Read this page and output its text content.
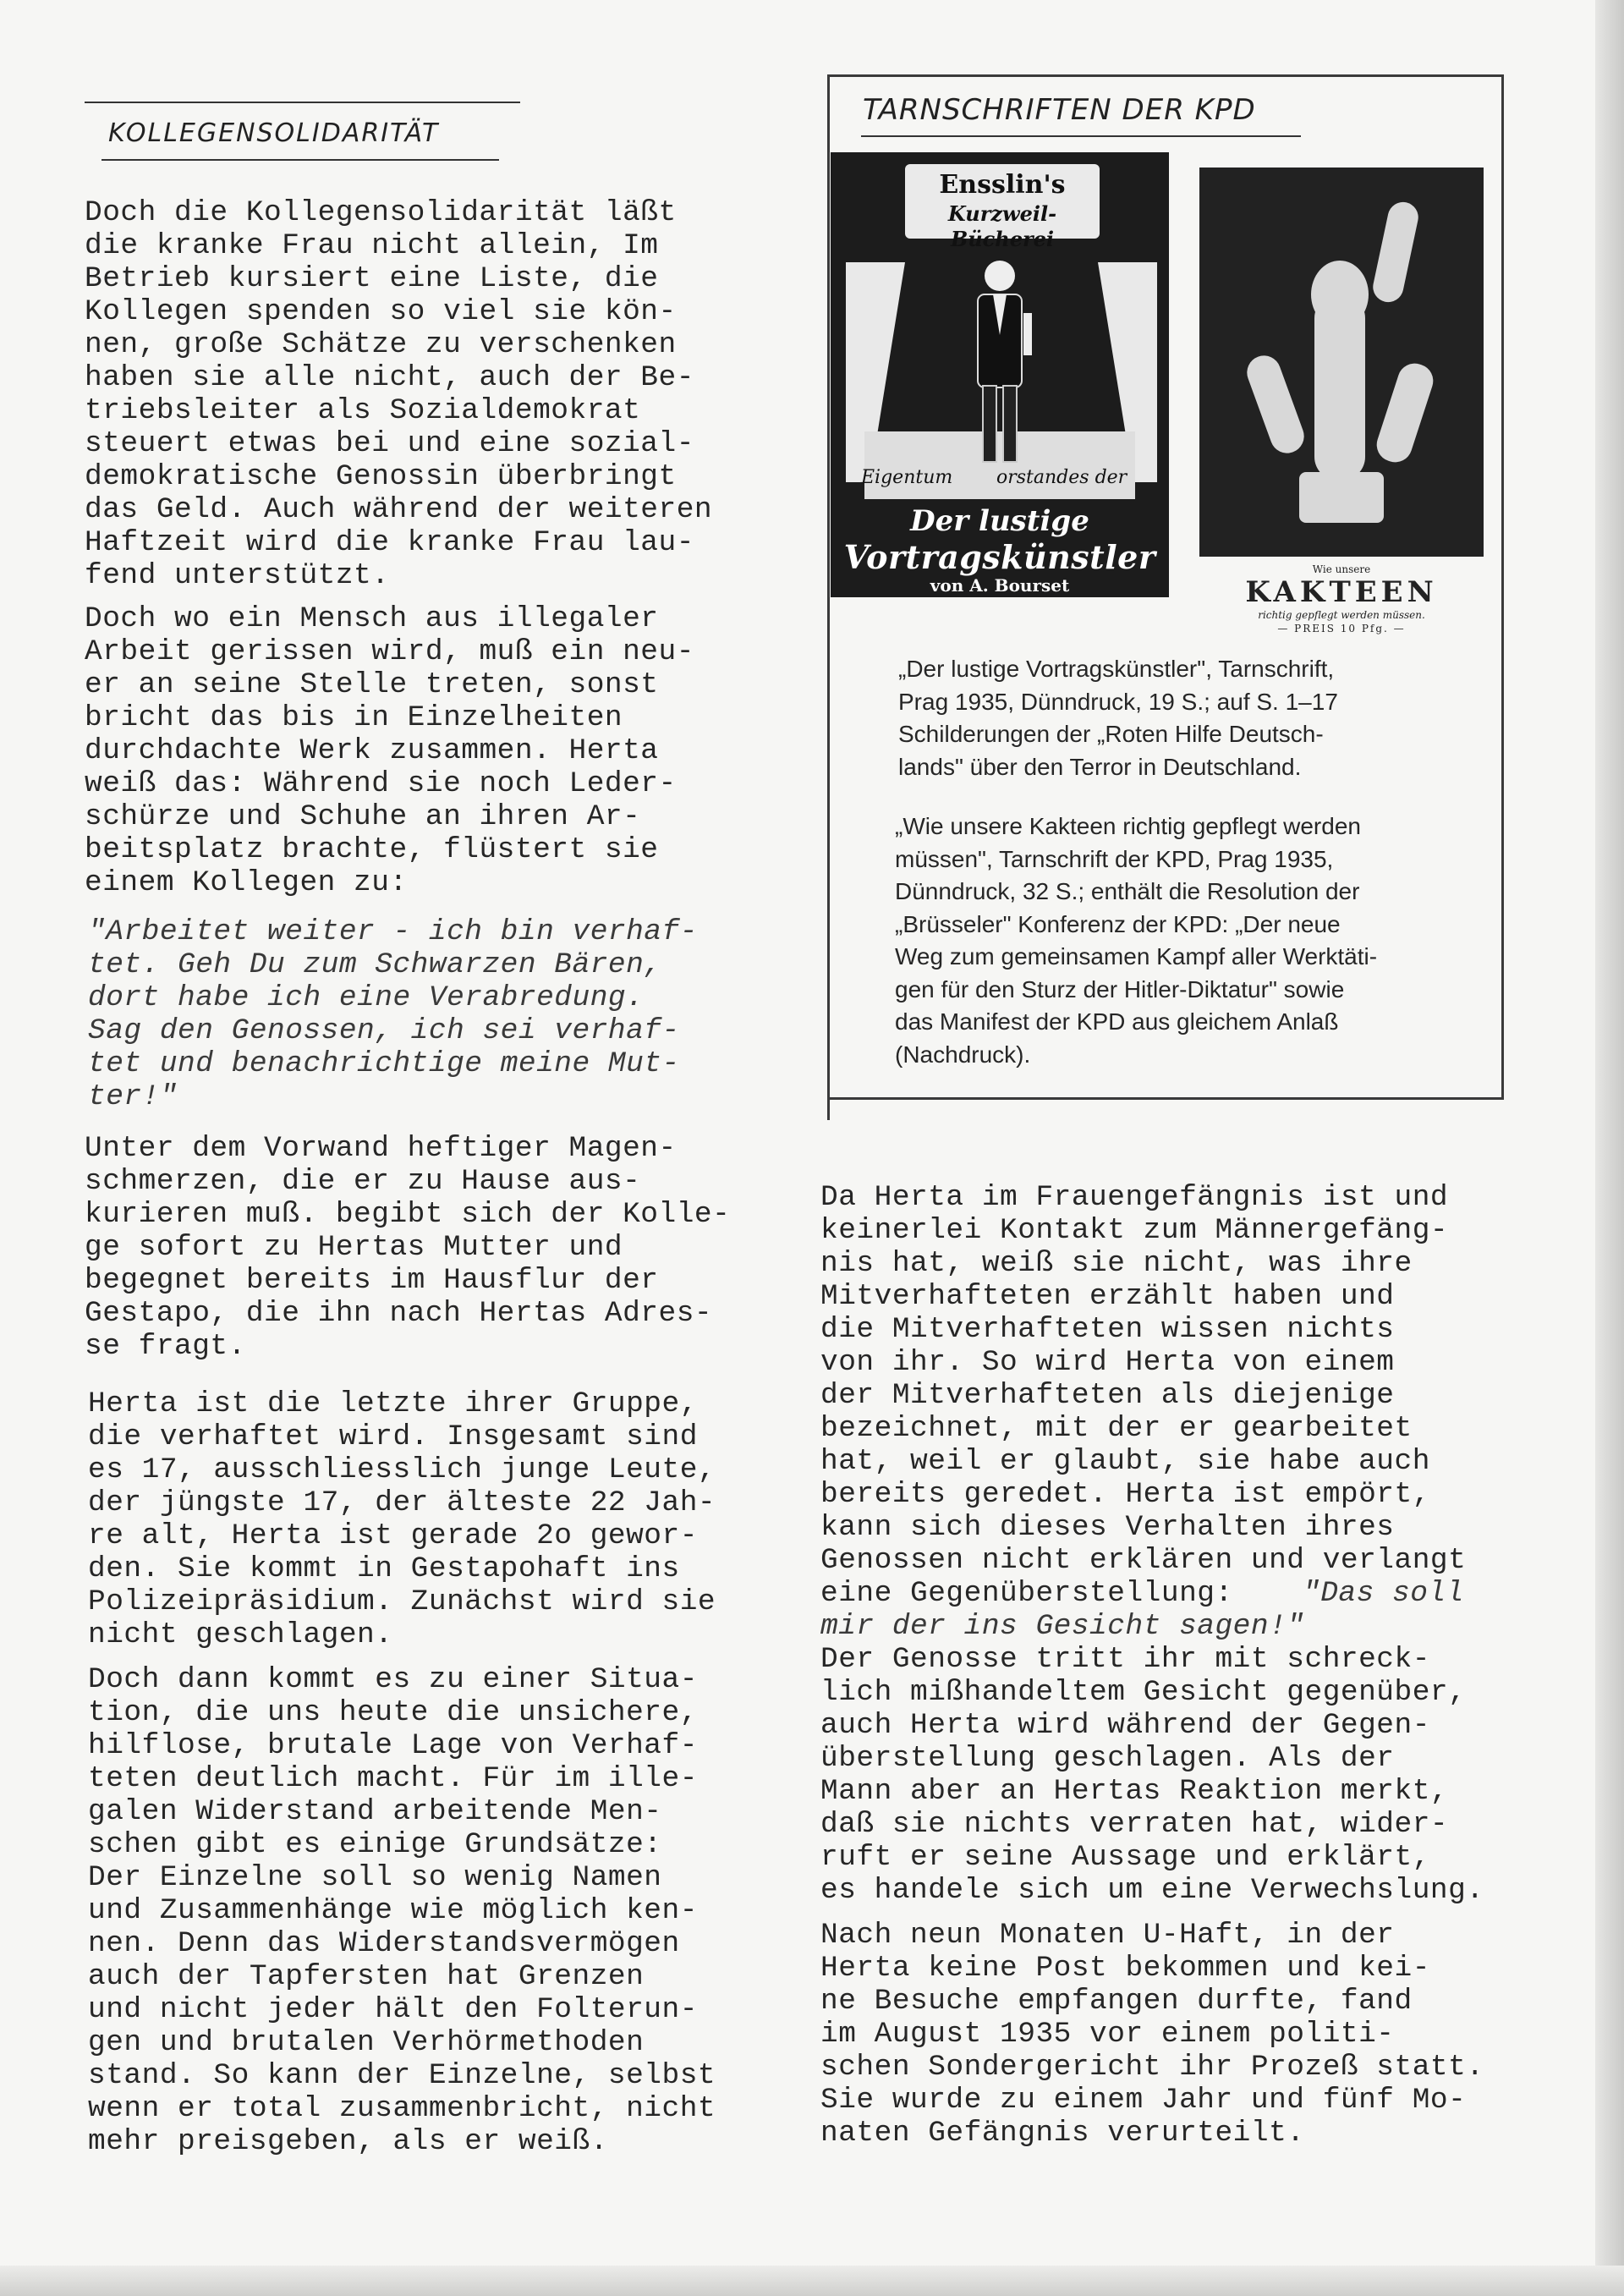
KOLLEGENSOLIDARITÄT

Doch die Kollegensolidarität läßt

die kranke Frau nicht allein, Im

Betrieb kursiert eine Liste, die

Kollegen spenden so viel sie kön-

nen, große Schätze zu verschenken

haben sie alle nicht, auch der Be-

triebsleiter als Sozialdemokrat

steuert etwas bei und eine sozial-

demokratische Genossin überbringt

das Geld. Auch während der weiteren

Haftzeit wird die kranke Frau lau-

fend unterstützt.

Doch wo ein Mensch aus illegaler

Arbeit gerissen wird, muß ein neu-

er an seine Stelle treten, sonst

bricht das bis in Einzelheiten

durchdachte Werk zusammen. Herta

weiß das: Während sie noch Leder-

schürze und Schuhe an ihren Ar-

beitsplatz brachte, flüstert sie

einem Kollegen zu:

"Arbeitet weiter - ich bin verhaf-

tet. Geh Du zum Schwarzen Bären,

dort habe ich eine Verabredung.

Sag den Genossen, ich sei verhaf-

tet und benachrichtige meine Mut-

ter!"

Unter dem Vorwand heftiger Magen-

schmerzen, die er zu Hause aus-

kurieren muß. begibt sich der Kolle-

ge sofort zu Hertas Mutter und

begegnet bereits im Hausflur der

Gestapo, die ihn nach Hertas Adres-

se fragt.

Herta ist die letzte ihrer Gruppe,

die verhaftet wird. Insgesamt sind

es 17, ausschliesslich junge Leute,

der jüngste 17, der älteste 22 Jah-

re alt, Herta ist gerade 2o gewor-

den. Sie kommt in Gestapohaft ins

Polizeipräsidium. Zunächst wird sie

nicht geschlagen.

Doch dann kommt es zu einer Situa-

tion, die uns heute die unsichere,

hilflose, brutale Lage von Verhaf-

teten deutlich macht. Für im ille-

galen Widerstand arbeitende Men-

schen gibt es einige Grundsätze:

Der Einzelne soll so wenig Namen

und Zusammenhänge wie möglich ken-

nen. Denn das Widerstandsvermögen

auch der Tapfersten hat Grenzen

und nicht jeder hält den Folterun-

gen und brutalen Verhörmethoden

stand. So kann der Einzelne, selbst

wenn er total zusammenbricht, nicht

mehr preisgeben, als er weiß.

TARNSCHRIFTEN DER KPD
Ensslin's
Kurzweil-Bücherei
Eigentum orstandes der
Der lustige
Vortragskünstler
von A. Bourset
Wie unsere
KAKTEEN
richtig gepflegt werden müssen.
— PREIS 10 Pfg. —

„Der lustige Vortragskünstler", Tarnschrift,

Prag 1935, Dünndruck, 19 S.; auf S. 1–17

Schilderungen der „Roten Hilfe Deutsch-

lands" über den Terror in Deutschland.

„Wie unsere Kakteen richtig gepflegt werden

müssen", Tarnschrift der KPD, Prag 1935,

Dünndruck, 32 S.; enthält die Resolution der

„Brüsseler" Konferenz der KPD: „Der neue

Weg zum gemeinsamen Kampf aller Werktäti-

gen für den Sturz der Hitler-Diktatur" sowie

das Manifest der KPD aus gleichem Anlaß

(Nachdruck).

Da Herta im Frauengefängnis ist und

keinerlei Kontakt zum Männergefäng-

nis hat, weiß sie nicht, was ihre

Mitverhafteten erzählt haben und

die Mitverhafteten wissen nichts

von ihr. So wird Herta von einem

der Mitverhafteten als diejenige

bezeichnet, mit der er gearbeitet

hat, weil er glaubt, sie habe auch

bereits geredet. Herta ist empört,

kann sich dieses Verhalten ihres

Genossen nicht erklären und verlangt

eine Gegenüberstellung:	"Das soll

mir der ins Gesicht sagen!"

Der Genosse tritt ihr mit schreck-

lich mißhandeltem Gesicht gegenüber,

auch Herta wird während der Gegen-

überstellung geschlagen. Als der

Mann aber an Hertas Reaktion merkt,

daß sie nichts verraten hat, wider-

ruft er seine Aussage und erklärt,

es handele sich um eine Verwechslung.

Nach neun Monaten U-Haft, in der

Herta keine Post bekommen und kei-

ne Besuche empfangen durfte, fand

im August 1935 vor einem politi-

schen Sondergericht ihr Prozeß statt.

Sie wurde zu einem Jahr und fünf Mo-

naten Gefängnis verurteilt.
